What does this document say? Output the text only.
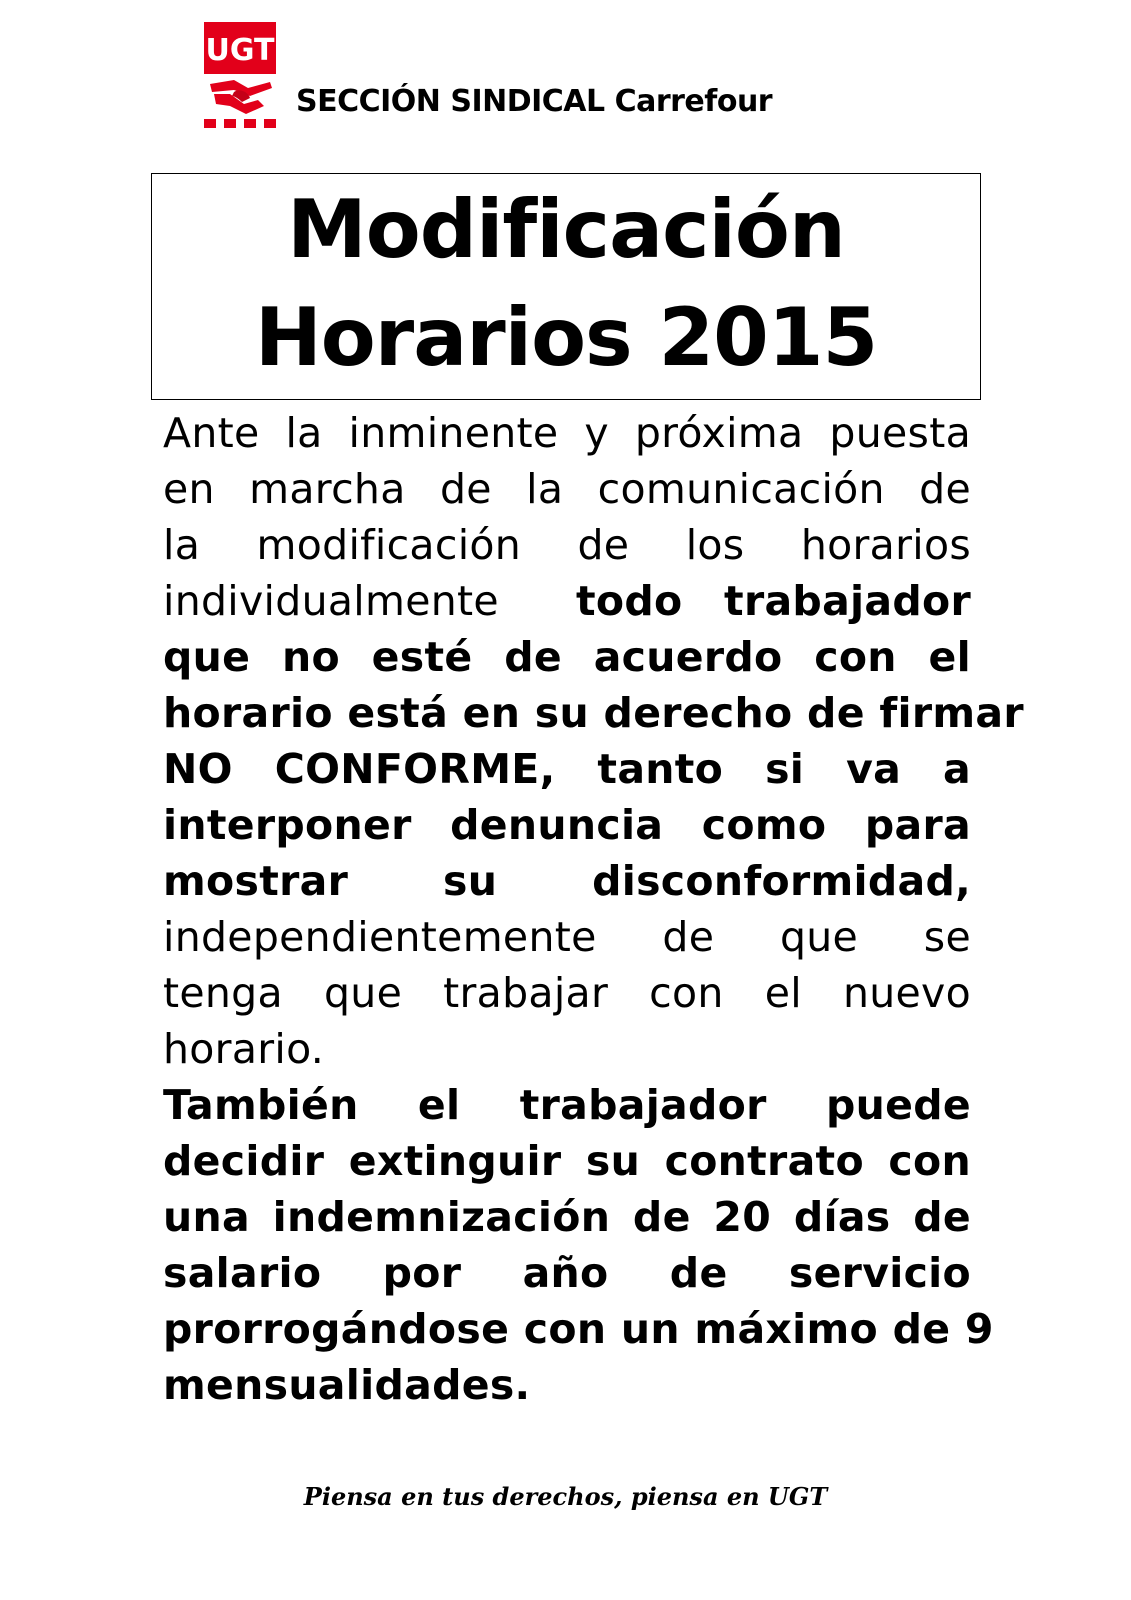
UGT
SECCIÓN SINDICAL Carrefour
Modificación
Horarios 2015
Ante la inminente y próxima puesta
en marcha de la comunicación de
la modificación de los horarios
individualmente todo trabajador
que no esté de acuerdo con el
horario está en su derecho de firmar
NO CONFORME, tanto si va a
interponer denuncia como para
mostrar su disconformidad,
independientemente de que se
tenga que trabajar con el nuevo
horario.
También el trabajador puede
decidir extinguir su contrato con
una indemnización de 20 días de
salario por año de servicio
prorrogándose con un máximo de 9
mensualidades.
Piensa en tus derechos, piensa en UGT
